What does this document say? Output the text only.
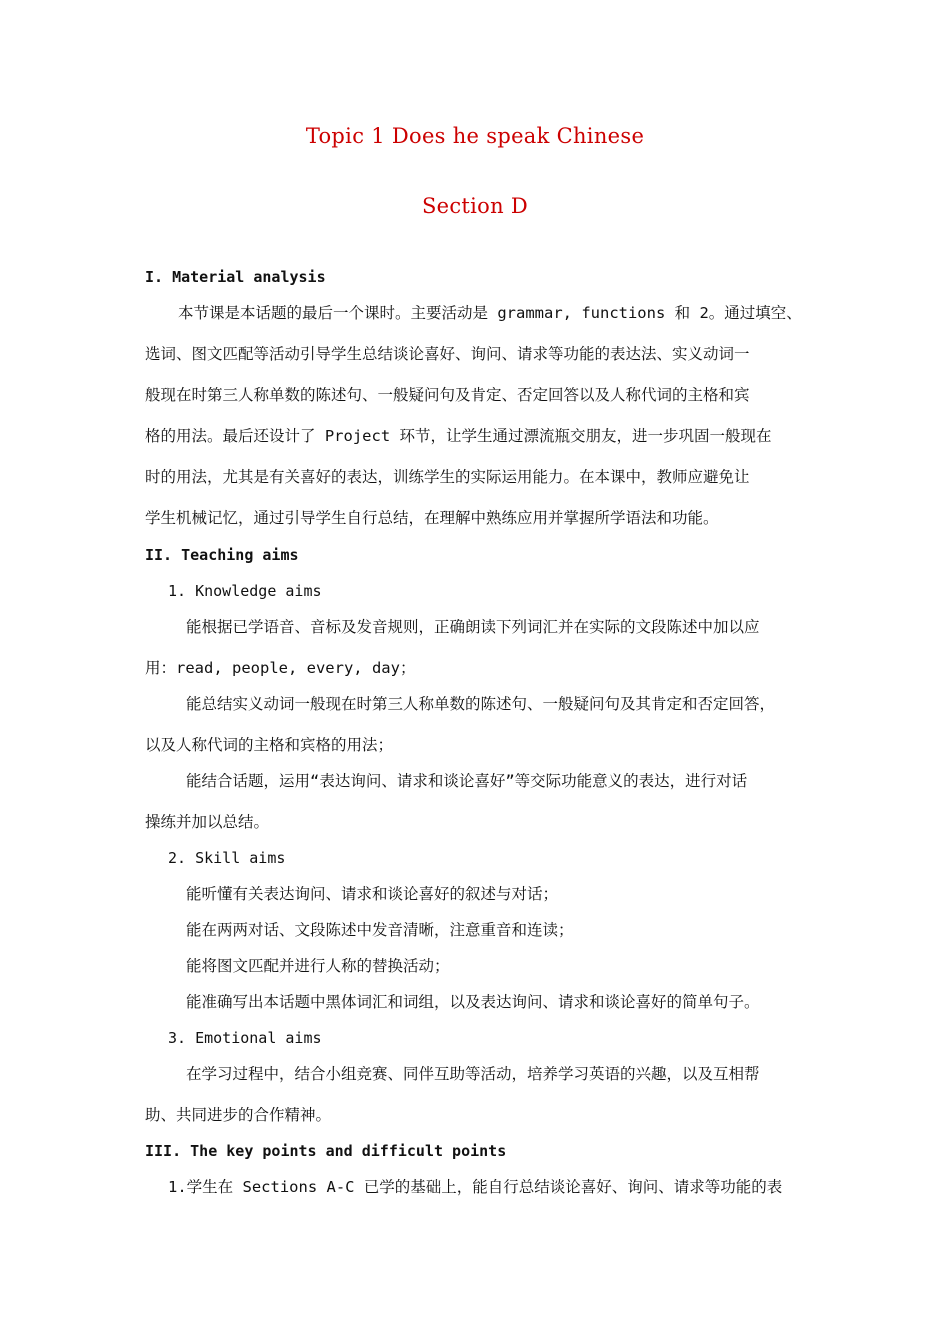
Topic 1 Does he speak Chinese
Section D
I. Material analysis
本节课是本话题的最后一个课时。主要活动是 grammar, functions 和 2。通过填空、
选词、图文匹配等活动引导学生总结谈论喜好、询问、请求等功能的表达法、实义动词一
般现在时第三人称单数的陈述句、一般疑问句及肯定、否定回答以及人称代词的主格和宾
格的用法。最后还设计了 Project 环节，让学生通过漂流瓶交朋友，进一步巩固一般现在
时的用法，尤其是有关喜好的表达，训练学生的实际运用能力。在本课中，教师应避免让
学生机械记忆，通过引导学生自行总结，在理解中熟练应用并掌握所学语法和功能。
II. Teaching aims
1. Knowledge aims
能根据已学语音、音标及发音规则，正确朗读下列词汇并在实际的文段陈述中加以应
用：read, people, every, day；
能总结实义动词一般现在时第三人称单数的陈述句、一般疑问句及其肯定和否定回答，
以及人称代词的主格和宾格的用法；
能结合话题，运用“表达询问、请求和谈论喜好”等交际功能意义的表达，进行对话
操练并加以总结。
2. Skill aims
能听懂有关表达询问、请求和谈论喜好的叙述与对话；
能在两两对话、文段陈述中发音清晰，注意重音和连读；
能将图文匹配并进行人称的替换活动；
能准确写出本话题中黑体词汇和词组，以及表达询问、请求和谈论喜好的简单句子。
3. Emotional aims
在学习过程中，结合小组竞赛、同伴互助等活动，培养学习英语的兴趣，以及互相帮
助、共同进步的合作精神。
III. The key points and difficult points
1.学生在 Sections A-C 已学的基础上，能自行总结谈论喜好、询问、请求等功能的表
